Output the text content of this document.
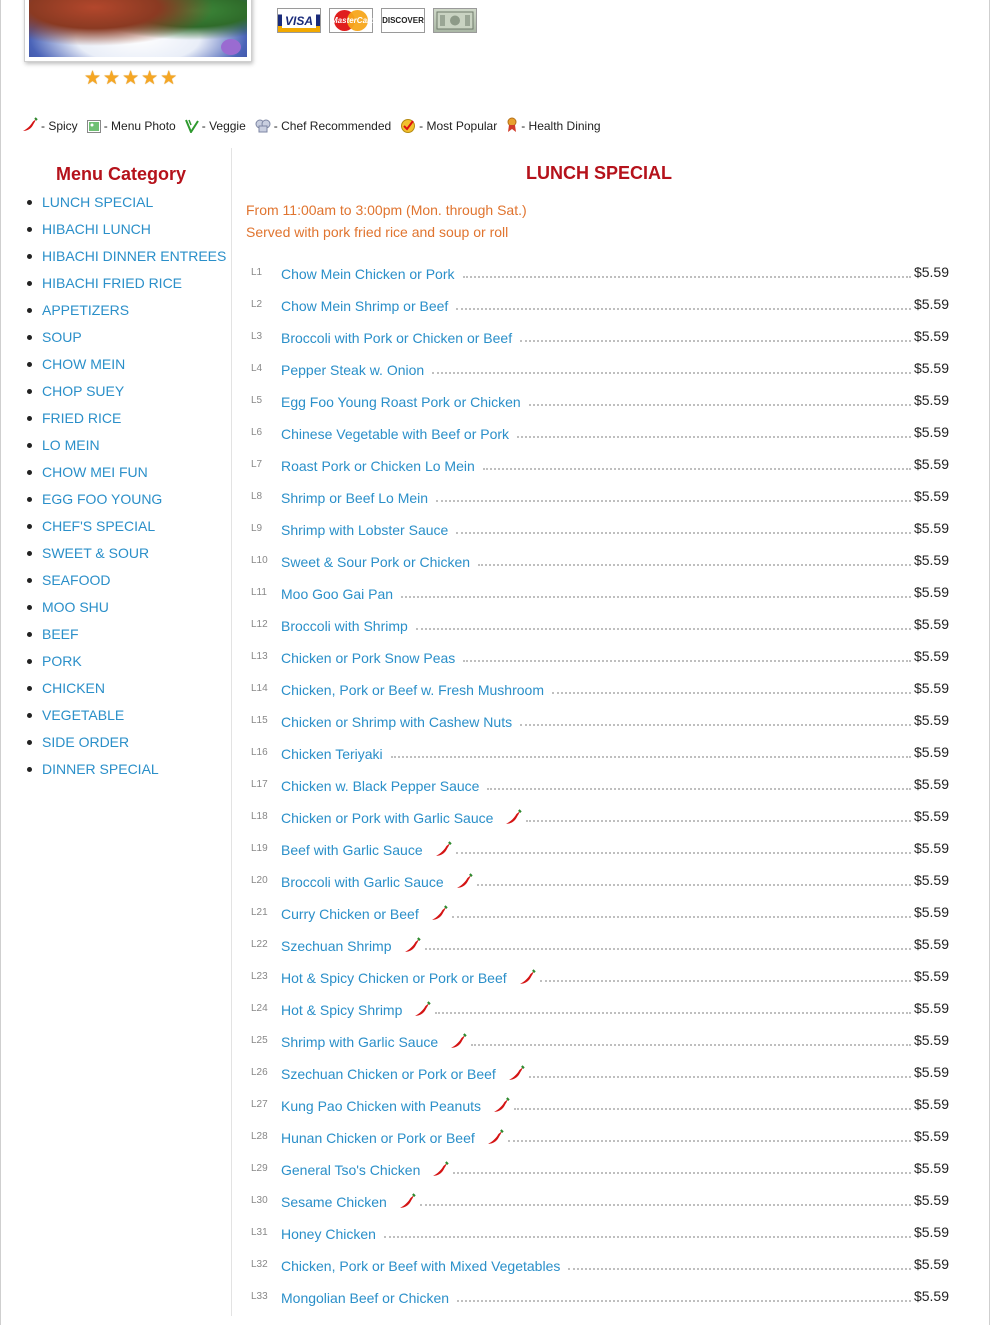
★ ★ ★ ★ ★
VISA	MasterCard DISCOVER
- Spicy - Menu Photo - Veggie - Chef Recommended - Most Popular - Health Dining
Menu Category
LUNCH SPECIAL
HIBACHI LUNCH
HIBACHI DINNER ENTREES
HIBACHI FRIED RICE
APPETIZERS
SOUP
CHOW MEIN
CHOP SUEY
FRIED RICE
LO MEIN
CHOW MEI FUN
EGG FOO YOUNG
CHEF'S SPECIAL
SWEET & SOUR
SEAFOOD
MOO SHU
BEEF
PORK
CHICKEN
VEGETABLE
SIDE ORDER
DINNER SPECIAL
LUNCH SPECIAL
From 11:00am to 3:00pm (Mon. through Sat.)
Served with pork fried rice and soup or roll
L1 Chow Mein Chicken or Pork	$5.59
L2 Chow Mein Shrimp or Beef	$5.59
L3 Broccoli with Pork or Chicken or Beef	$5.59
L4 Pepper Steak w. Onion	$5.59
L5 Egg Foo Young Roast Pork or Chicken	$5.59
L6 Chinese Vegetable with Beef or Pork	$5.59
L7 Roast Pork or Chicken Lo Mein	$5.59
L8 Shrimp or Beef Lo Mein	$5.59
L9 Shrimp with Lobster Sauce	$5.59
L10 Sweet & Sour Pork or Chicken	$5.59
L11 Moo Goo Gai Pan	$5.59
L12 Broccoli with Shrimp	$5.59
L13 Chicken or Pork Snow Peas	$5.59
L14 Chicken, Pork or Beef w. Fresh Mushroom	$5.59
L15 Chicken or Shrimp with Cashew Nuts	$5.59
L16 Chicken Teriyaki	$5.59
L17 Chicken w. Black Pepper Sauce	$5.59
L18 Chicken or Pork with Garlic Sauce	$5.59
L19 Beef with Garlic Sauce	$5.59
L20 Broccoli with Garlic Sauce	$5.59
L21 Curry Chicken or Beef	$5.59
L22 Szechuan Shrimp	$5.59
L23 Hot & Spicy Chicken or Pork or Beef	$5.59
L24 Hot & Spicy Shrimp	$5.59
L25 Shrimp with Garlic Sauce	$5.59
L26 Szechuan Chicken or Pork or Beef	$5.59
L27 Kung Pao Chicken with Peanuts	$5.59
L28 Hunan Chicken or Pork or Beef	$5.59
L29 General Tso's Chicken	$5.59
L30 Sesame Chicken	$5.59
L31 Honey Chicken	$5.59
L32 Chicken, Pork or Beef with Mixed Vegetables	$5.59
L33 Mongolian Beef or Chicken	$5.59
